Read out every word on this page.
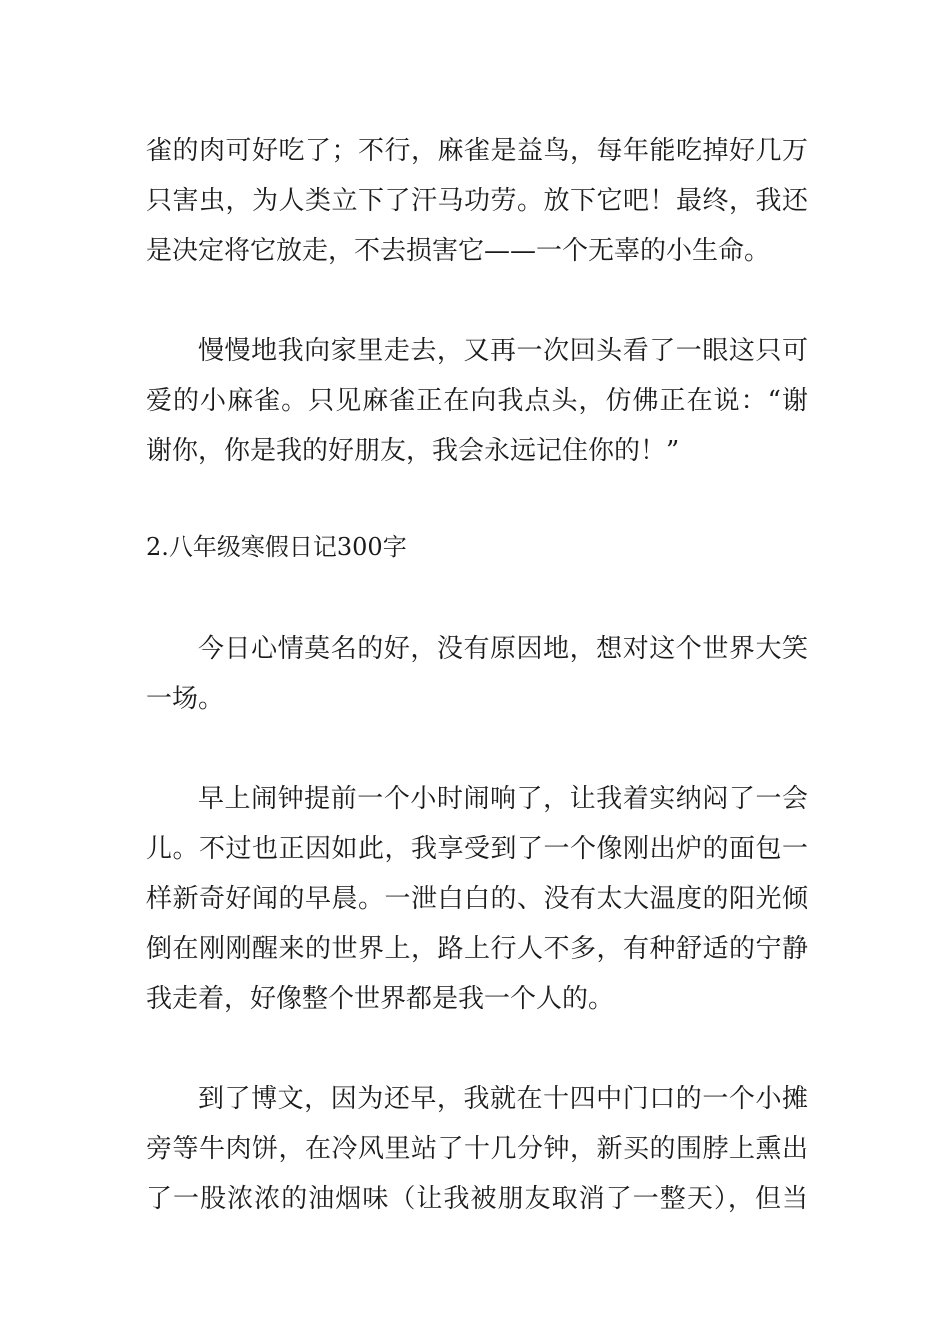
雀的肉可好吃了；不行，麻雀是益鸟，每年能吃掉好几万
只害虫，为人类立下了汗马功劳。放下它吧！最终，我还
是决定将它放走，不去损害它——一个无辜的小生命。
慢慢地我向家里走去，又再一次回头看了一眼这只可
爱的小麻雀。只见麻雀正在向我点头，仿佛正在说：“谢
谢你，你是我的好朋友，我会永远记住你的！”
2.八年级寒假日记300字
今日心情莫名的好，没有原因地，想对这个世界大笑
一场。
早上闹钟提前一个小时闹响了，让我着实纳闷了一会
儿。不过也正因如此，我享受到了一个像刚出炉的面包一
样新奇好闻的早晨。一泄白白的、没有太大温度的阳光倾
倒在刚刚醒来的世界上，路上行人不多，有种舒适的宁静
我走着，好像整个世界都是我一个人的。
到了博文，因为还早，我就在十四中门口的一个小摊
旁等牛肉饼，在冷风里站了十几分钟，新买的围脖上熏出
了一股浓浓的油烟味（让我被朋友取消了一整天），但当
